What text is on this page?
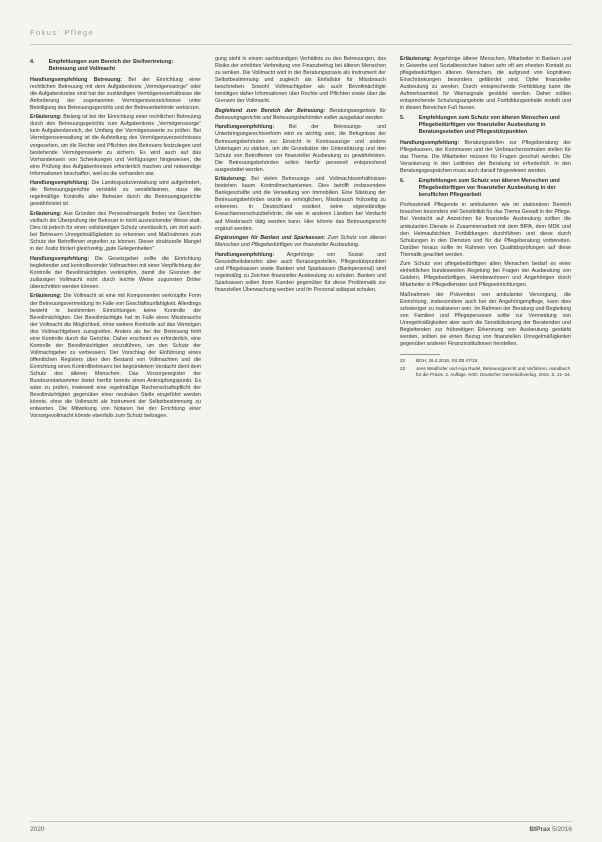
Fokus: Pflege
4.	Empfehlungen zum Bereich der Stellvertretung: Betreuung und Vollmacht

Handlungsempfehlung Betreuung: Bei der Einrichtung einer rechtlichen Betreuung mit dem Aufgabenkreis „Vermögenssorge" oder die Aufgabenkreise sind hat der zuständigen Vermögensverhältnisse die Anforderung der sogenannten Vermögensverzeichnisse unter Beteiligung des Betreuungsgerichts und der Betreuerbehörde verkürzen.

Erläuterung: Bislang ist bei der Einrichtung einer rechtlichen Betreuung durch den Betreuungsgerichts zum Aufgabenkreis „Vermögenssorge" kein Aufgabenbereich, der Umfang der Vermögenswerte zu prüfen. Bei Vermögensverwaltung ist die Aufstellung des Vermögensverzeichnisses vorgesehen, um die Rechte und Pflichten des Betreuers festzulegen und bestehende Vermögenswerte zu sichern. Es wird auch auf das Vorhandensein von Schenkungen und Verfügungen hingewiesen, die eine Prüfung des Aufgabenkreises erforderlich machen und notwendige Informationen beschaffen, weil es die vorhanden war.

Handlungsempfehlung: Die Landesjustizverwaltung wird aufgefordert, die Betreuungsgerichte verstärkt zu sensibilisieren, dass die regelmäßige Kontrolle aller Betreuer durch die Betreuungsgerichte gewährleistet ist.

Erläuterung: Aus Gründen des Personalmangels finden vor Gerichten vielfach die Überprüfung der Betreuer in nicht ausreichender Weise statt. Dies ist jedoch für einen vollständigen Schutz unerlässlich, um dort auch bei Betreuern Unregelmäßigkeiten zu erkennen und Maßnahmen zum Schutz der Betroffenen ergreifen zu können. Dieser strukturelle Mangel in der Justiz fördert gleichzeitig „gute Gelegenheiten".

Handlungsempfehlung: Die Gesetzgeber sollte die Einrichtung begleitender und kontrollierender Vollmachten mit einer Verpflichtung der Kontrolle der Bevollmächtigten verknüpfen, damit die Grenzen der zulässigen Vollmacht nicht durch leichte Weise zugunsten Dritter überschritten werden können.

Erläuterung: Die Vollmacht ist eine mit Komponenten verknüpfte Form der Betreuungsvermeidung im Falle von Geschäftsunfähigkeit. Allerdings besteht in bestimmten Einrichtungen keine Kontrolle der Bevollmächtigten. Der Bevollmächtigte hat im Falle eines Missbrauchs der Vollmacht die Möglichkeit, ohne weitere Kontrolle auf das Vermögen des Vollmachtgebers zuzugreifen. Anders als bei der Betreuung fehlt eine Kontrolle durch die Gerichte. Daher erscheint es erforderlich, eine Kontrolle der Bevollmächtigten einzuführen, um den Schutz der Vollmachtgeber zu verbessern. Der Vorschlag der Einführung eines öffentlichen Registers über den Bestand von Vollmachten und die Einrichtung eines Kontrollbetreuers bei begründetem Verdacht dient dem Schutz des älteren Menschen. Das Vorsorgeregister der Bundesnotarkammer bietet hierfür bereits einen Anknüpfungspunkt. Es wäre zu prüfen, inwieweit eine regelmäßige Rechenschaftspflicht der Bevollmächtigten gegenüber einer neutralen Stelle eingeführt werden könnte, ohne die Vollmacht als Instrument der Selbstbestimmung zu entwerten. Die Mitwirkung von Notaren bei der Errichtung einer Vorsorgevollmacht könnte ebenfalls zum Schutz beitragen.

gung steht in einem sachkundigen Verhältnis zu den Betreuungen, das Risiko der erhöhten Verbreitung von Finanzbetrug bei älteren Menschen zu senken. Die Vollmacht wird in der Beratungspraxis als Instrument der Selbstbestimmung und zugleich als Einfallstor für Missbrauch beschrieben. Sowohl Vollmachtgeber als auch Bevollmächtigte benötigen daher Informationen über Rechte und Pflichten sowie über die Grenzen der Vollmacht.

Begleitend zum Bereich der Betreuung: Beratungsangebote für Betreuungsgerichte und Betreuungsbehörden sollen ausgebaut werden.

Handlungsempfehlung:	Bei der Betreuungs- und Unterbringungsrechtsreform wird es wichtig sein, die Befugnisse der Betreuungsbehörden zur Einsicht in Kontoauszüge und andere Unterlagen zu stärken, um die Grundsätze der Unterstützung und den Schutz von Betroffenen vor finanzieller Ausbeutung zu gewährleisten. Die Betreuungsbehörden sollen hierfür personell entsprechend ausgestattet werden.

Erläuterung: Bei vielen Betreuungs- und Vollmachtsverhältnissen bestehen kaum Kontrollmechanismen. Dies betrifft insbesondere Bankgeschäfte und die Verwaltung von Immobilien. Eine Stärkung der Betreuungsbehörden würde es ermöglichen, Missbrauch frühzeitig zu erkennen. In Deutschland existiert keine eigenständige Erwachsenenschutzbehörde, die wie in anderen Ländern bei Verdacht auf Missbrauch tätig werden kann. Hier könnte das Betreuungsrecht ergänzt werden.

Ergänzungen für Banken und Sparkassen: Zum Schutz von älteren Menschen und Pflegebedürftigen vor finanzieller Ausbeutung.

Handlungsempfehlung: Angehörige von Sozial- und Gesundheitsberufen aber auch Beratungsstellen, Pflegestützpunkten und Pflegekassen sowie Banken und Sparkassen (Bankpersonal) sind regelmäßig zu Zeichen finanzieller Ausbeutung zu schulen. Banken und Sparkassen sollen ihren Kunden gegenüber für diese Problematik zur finanziellen Überwachung werben und ihr Personal adäquat schulen.

Erläuterung: Angehörige älterer Menschen, Mitarbeiter in Banken und in Gewerbe und Sozialbereichen haben sehr oft am ehesten Kontakt zu pflegebedürftigen älteren Menschen, die aufgrund von kognitiven Einschränkungen besonders gefährdet sind, Opfer finanzieller Ausbeutung zu werden. Durch entsprechende Fortbildung kann die Aufmerksamkeit für Warnsignale gestärkt werden. Daher sollten entsprechende Schulungsangebote und Fortbildungsinhalte erstellt und in diesen Bereichen Fuß fassen.

5.	Empfehlungen zum Schutz von älteren Menschen und Pflegebedürftigen vor finanzieller Ausbeutung in Beratungsstellen und Pflegestützpunkten

Handlungsempfehlung: Beratungsstellen zur Pflegeberatung der Pflegekassen, der Kommunen und der Verbraucherzentralen stellen für das Thema. Die Mitarbeiter müssen für Fragen geschult werden. Die Verankerung in den Leitlinien der Beratung ist erforderlich. In den Beratungsgesprächen muss auch darauf hingewiesen werden.

6.	Empfehlungen zum Schutz von älteren Menschen und Pflegebedürftigen vor finanzieller Ausbeutung in der beruflichen Pflegearbeit

Professionell Pflegende in ambulanten wie im stationären Bereich brauchen besonders viel Sensibilität für das Thema Gewalt in der Pflege. Bei Verdacht auf Anzeichen für finanzielle Ausbeutung sollten die ambulanten Dienste in Zusammenarbeit mit dem BfPA, dem MDK und den Heimaufsichten Fortbildungen durchführen und diese durch Schulungen in den Diensten und für die Pflegeberatung vorbereiten. Darüber hinaus sollte im Rahmen von Qualitätsprüfungen auf diese Thematik geachtet werden.

Zum Schutz von pflegebedürftigen alten Menschen bedarf es einer einheitlichen bundesweiten Regelung bei Fragen der Ausbeutung von Geldern, Pflegebedürftigen, Heimbewohnern und Angehörigen durch Mitarbeiter in Pflegediensten und Pflegeeinrichtungen.

Maßnahmen der Prävention von ambulanter Versorgung, die Einrichtung, insbesondere auch bei der Angehörigenpflege, kann dies schwieriger zu realisieren sein. Im Rahmen der Beratung und Begleitung von Familien und Pflegepersonen sollte zur Vermeidung von Unregelmäßigkeiten aber auch die Sensibilisierung der Beratenden und Begleitenden zur frühzeitigen Erkennung von Ausbeutung gestärkt werden, sollten sie einen Bezug von finanziellen Unregelmäßigkeiten gegenüber anderen Finanzinstitutionen herstellen.

22	BGH, 26.4.2016, XII ZB 47/15.
23	Jens Weidhofer und Anja Rudel, Betreuungsrecht und Verfahren, Handbuch für die Praxis, 2. Auflage, Köln: Deutscher Gemeindeverlag, 2015, S. 21–24.
2020	BtPrax 5/2016
